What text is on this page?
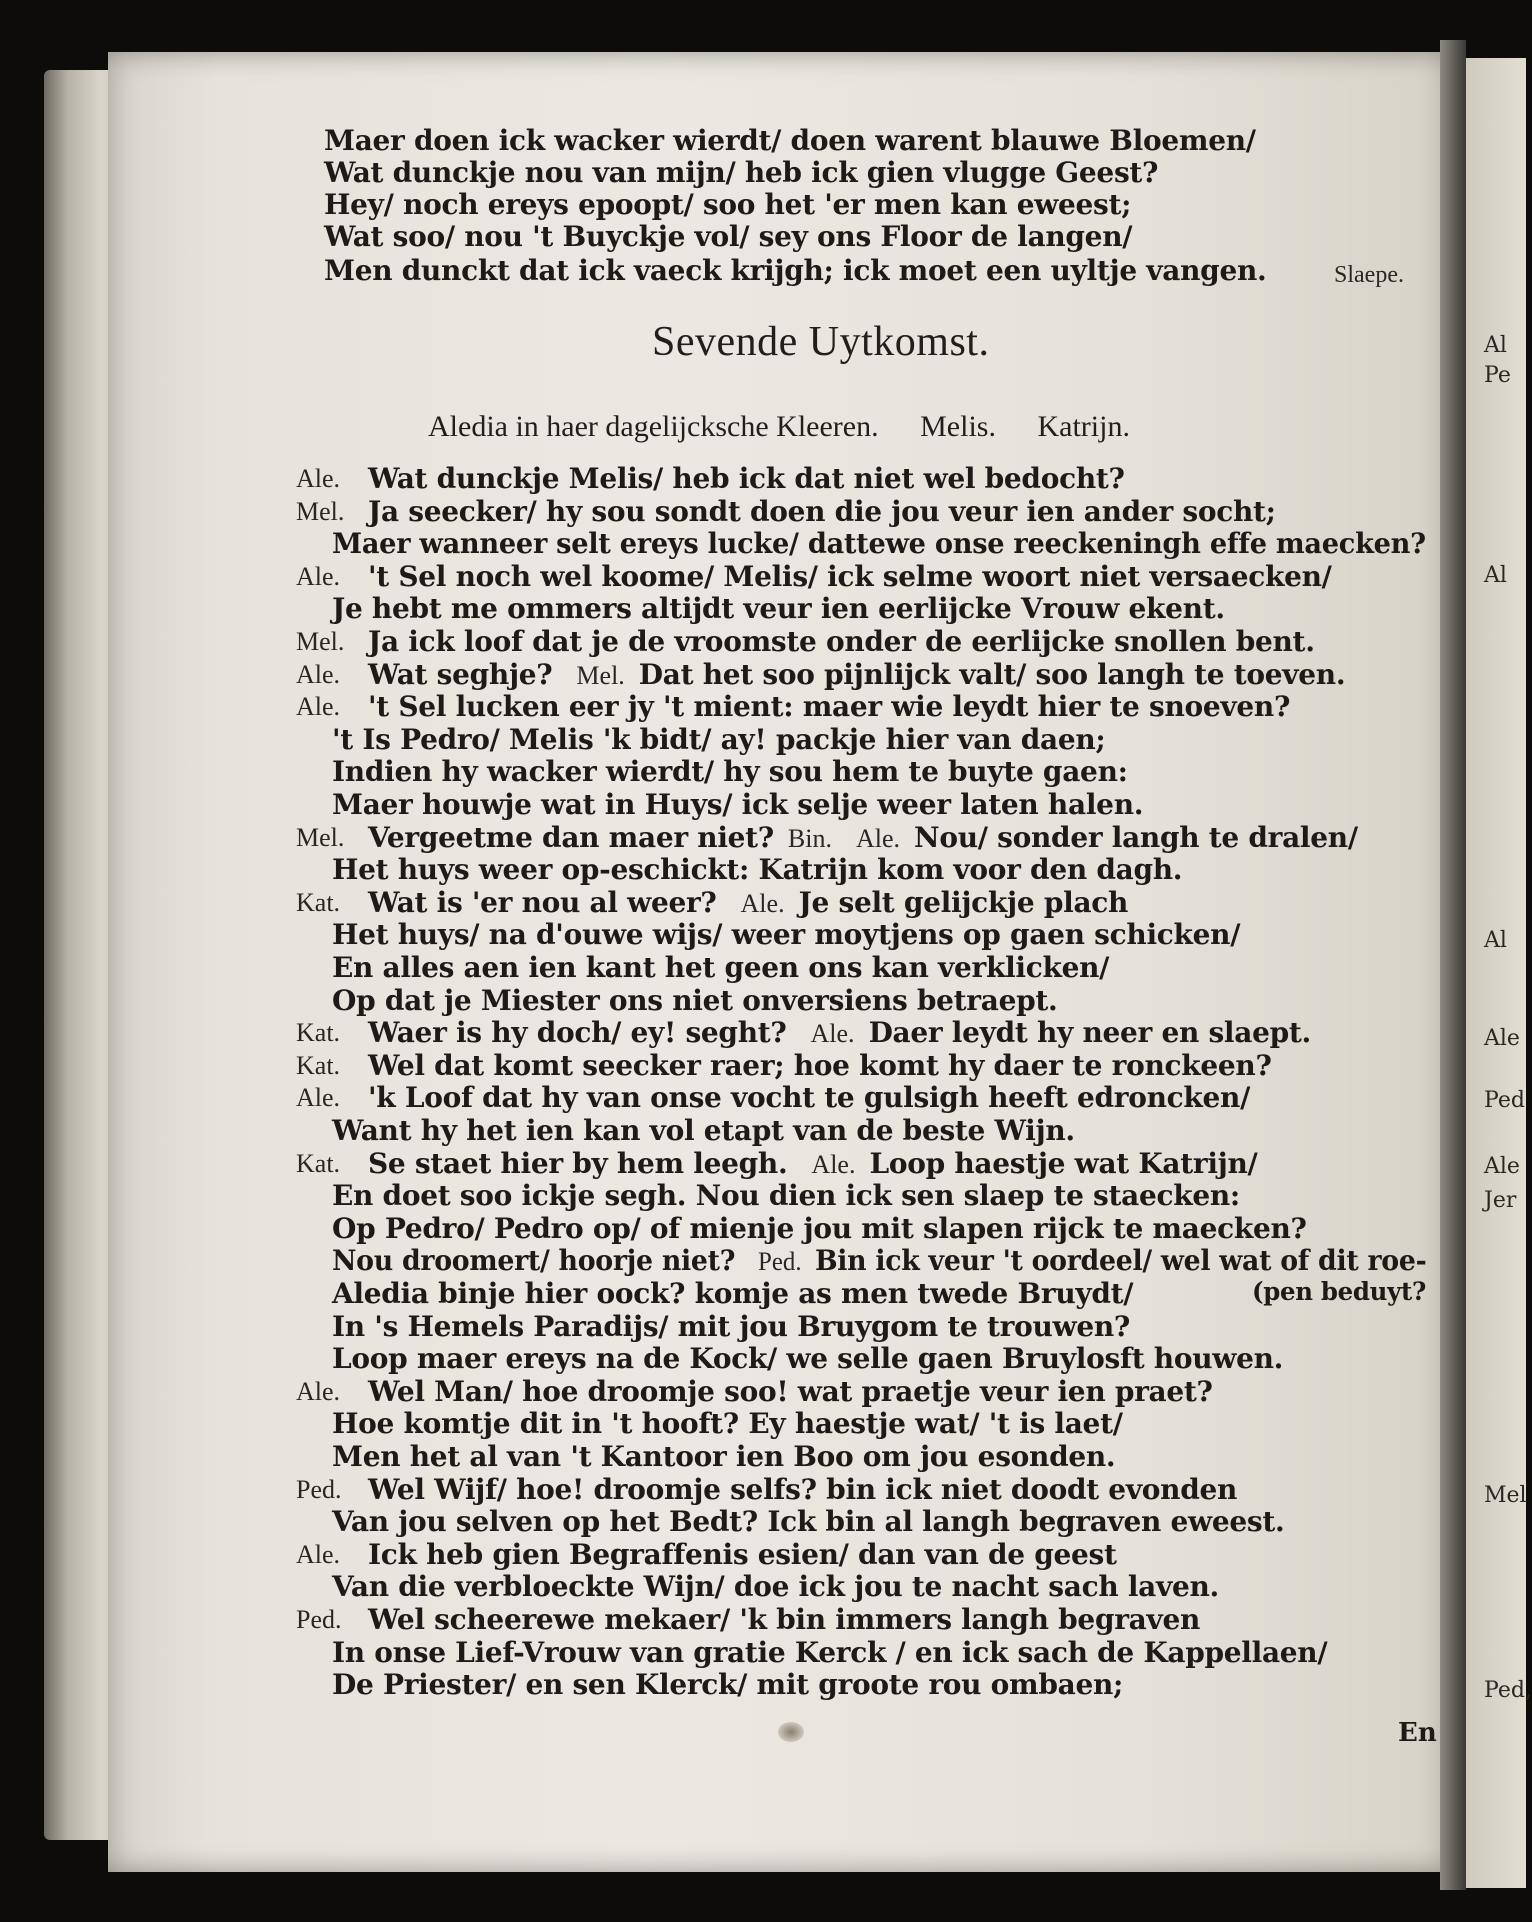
Al
Pe
Al
Al
Ale
Ped
Ale
Jer
Mel
Ped,
Maer doen ick wacker wierdt/ doen warent blauwe Bloemen/
Wat dunckje nou van mijn/ heb ick gien vlugge Geest?
Hey/ noch ereys epoopt/ soo het 'er men kan eweest;
Wat soo/ nou 't Buyckje vol/ sey ons Floor de langen/
Men dunckt dat ick vaeck krijgh; ick moet een uyltje vangen.	Slaepe.
Sevende Uytkomst.
Aledia in haer dagelijcksche Kleeren. Melis. Katrijn.
Ale. Wat dunckje Melis/ heb ick dat niet wel bedocht?
Mel. Ja seecker/ hy sou sondt doen die jou veur ien ander socht;
Maer wanneer selt ereys lucke/ dattewe onse reeckeningh effe maecken?
Ale. 't Sel noch wel koome/ Melis/ ick selme woort niet versaecken/
Je hebt me ommers altijdt veur ien eerlijcke Vrouw ekent.
Mel. Ja ick loof dat je de vroomste onder de eerlijcke snollen bent.
Ale. Wat seghje? Mel. Dat het soo pijnlijck valt/ soo langh te toeven.
Ale. 't Sel lucken eer jy 't mient: maer wie leydt hier te snoeven?
't Is Pedro/ Melis 'k bidt/ ay! packje hier van daen;
Indien hy wacker wierdt/ hy sou hem te buyte gaen:
Maer houwje wat in Huys/ ick selje weer laten halen.
Mel. Vergeetme dan maer niet? Bin. Ale. Nou/ sonder langh te dralen/
Het huys weer op-eschickt: Katrijn kom voor den dagh.
Kat. Wat is 'er nou al weer? Ale. Je selt gelijckje plach
Het huys/ na d'ouwe wijs/ weer moytjens op gaen schicken/
En alles aen ien kant het geen ons kan verklicken/
Op dat je Miester ons niet onversiens betraept.
Kat. Waer is hy doch/ ey! seght? Ale. Daer leydt hy neer en slaept.
Kat. Wel dat komt seecker raer; hoe komt hy daer te ronckeen?
Ale. 'k Loof dat hy van onse vocht te gulsigh heeft edroncken/
Want hy het ien kan vol etapt van de beste Wijn.
Kat. Se staet hier by hem leegh. Ale. Loop haestje wat Katrijn/
En doet soo ickje segh. Nou dien ick sen slaep te staecken:
Op Pedro/ Pedro op/ of mienje jou mit slapen rijck te maecken?
Nou droomert/ hoorje niet? Ped. Bin ick veur 't oordeel/ wel wat of dit roe-
Aledia binje hier oock? komje as men twede Bruydt/	(pen beduyt?
In 's Hemels Paradijs/ mit jou Bruygom te trouwen?
Loop maer ereys na de Kock/ we selle gaen Bruylosft houwen.
Ale. Wel Man/ hoe droomje soo! wat praetje veur ien praet?
Hoe komtje dit in 't hooft? Ey haestje wat/ 't is laet/
Men het al van 't Kantoor ien Boo om jou esonden.
Ped. Wel Wijf/ hoe! droomje selfs? bin ick niet doodt evonden
Van jou selven op het Bedt? Ick bin al langh begraven eweest.
Ale. Ick heb gien Begraffenis esien/ dan van de geest
Van die verbloeckte Wijn/ doe ick jou te nacht sach laven.
Ped. Wel scheerewe mekaer/ 'k bin immers langh begraven
In onse Lief-Vrouw van gratie Kerck / en ick sach de Kappellaen/
De Priester/ en sen Klerck/ mit groote rou ombaen;
En
